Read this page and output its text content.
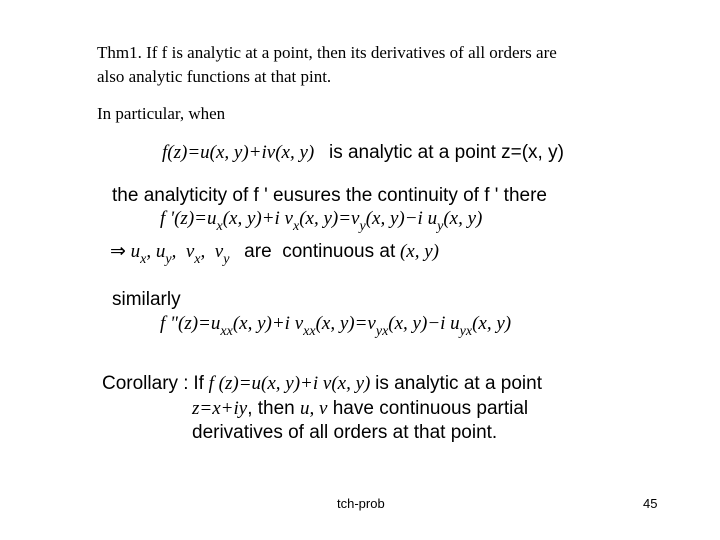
Thm1. If f is analytic at a point, then its derivatives of all orders are
also analytic functions at that pint.
In particular, when
f(z)=u(x, y)+iv(x, y) is analytic at a point z=(x, y)
the analyticity of f ' eusures the continuity of f ' there
f '$(z)=u_x(x$, y)+i $v_x(x$, $y)=v_y(x$, y)−i $u_y(x$, y)
⇒ $u_x$, $u_y$,  $v_x$,  $v_y$ are  continuous at (x, y)
similarly
f "$(z)=u_{xx}(x$, y)+i $v_{xx}(x$, $y)=v_{yx}(x$, y)−i $u_{yx}(x$, y)
Corollary : If f (z)=u(x, y)+i v(x, y) is analytic at a point
z=x+iy, then u, v have continuous partial
derivatives of all orders at that point.
tch-prob	45
